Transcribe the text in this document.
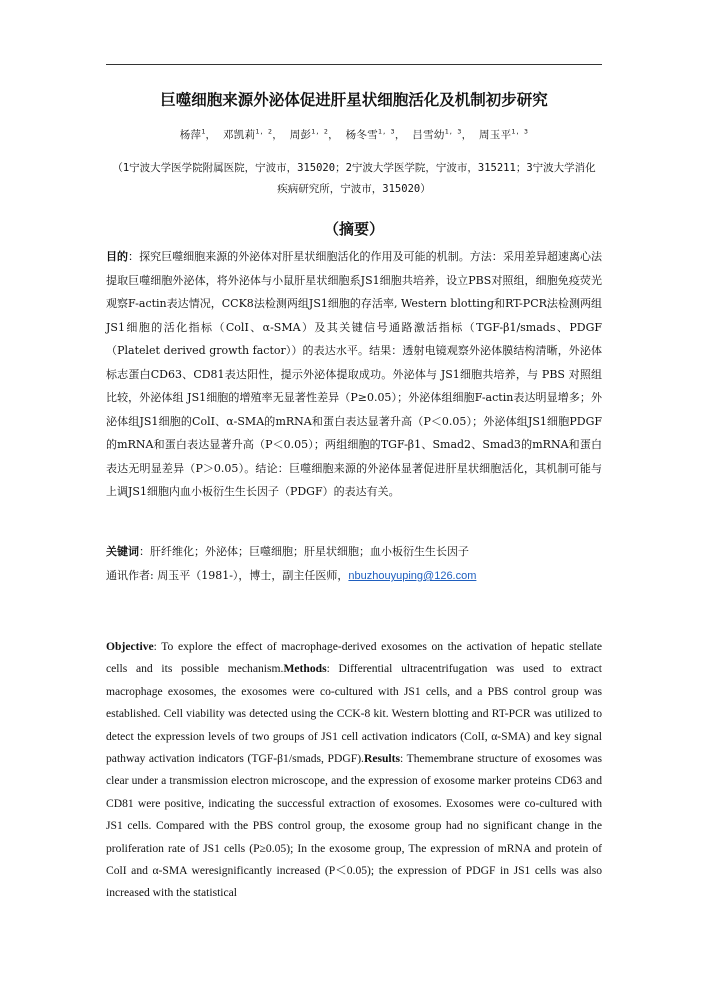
巨噬细胞来源外泌体促进肝星状细胞活化及机制初步研究
杨萍$^1$， 邓凯莉$^{1, 2}$， 周彭$^{1, 2}$， 杨冬雪$^{1, 3}$， 吕雪幼$^{1, 3}$， 周玉平$^{1, 3}$
（1宁波大学医学院附属医院，宁波市，315020；2宁波大学医学院，宁波市，315211；3宁波大学消化疾病研究所，宁波市，315020）
（摘要）

目的：探究巨噬细胞来源的外泌体对肝星状细胞活化的作用及可能的机制。方法：采用差异超速离心法提取巨噬细胞外泌体，将外泌体与小鼠肝星状细胞系JS1细胞共培养，设立PBS对照组，细胞免疫荧光观察F-actin表达情况，CCK8法检测两组JS1细胞的存活率, Western blotting和RT-PCR法检测两组JS1细胞的活化指标（ColI、α-SMA）及其关键信号通路激活指标（TGF-β1/smads、PDGF（Platelet derived growth factor））的表达水平。结果：透射电镜观察外泌体膜结构清晰，外泌体标志蛋白CD63、CD81表达阳性，提示外泌体提取成功。外泌体与 JS1细胞共培养，与 PBS 对照组比较，外泌体组 JS1细胞的增殖率无显著性差异（P≥0.05）；外泌体组细胞F-actin表达明显增多；外泌体组JS1细胞的ColI、α-SMA的mRNA和蛋白表达显著升高（P＜0.05）；外泌体组JS1细胞PDGF的mRNA和蛋白表达显著升高（P＜0.05）；两组细胞的TGF-β1、Smad2、Smad3的mRNA和蛋白表达无明显差异（P＞0.05）。结论：巨噬细胞来源的外泌体显著促进肝星状细胞活化，其机制可能与上调JS1细胞内血小板衍生生长因子（PDGF）的表达有关。

关键词：肝纤维化；外泌体；巨噬细胞；肝星状细胞；血小板衍生生长因子
通讯作者: 周玉平（1981-），博士，副主任医师，nbuzhouyuping@126.com
Objective: To explore the effect of macrophage-derived exosomes on the activation of hepatic stellate cells and its possible mechanism.Methods: Differential ultracentrifugation was used to extract macrophage exosomes, the exosomes were co-cultured with JS1 cells, and a PBS control group was established. Cell viability was detected using the CCK-8 kit. Western blotting and RT-PCR was utilized to detect the expression levels of two groups of JS1 cell activation indicators (ColI, α-SMA) and key signal pathway activation indicators (TGF-β1/smads, PDGF).Results: Themembrane structure of exosomes was clear under a transmission electron microscope, and the expression of exosome marker proteins CD63 and CD81 were positive, indicating the successful extraction of exosomes. Exosomes were co-cultured with JS1 cells. Compared with the PBS control group, the exosome group had no significant change in the proliferation rate of JS1 cells (P≥0.05); In the exosome group, The expression of mRNA and protein of ColI and α-SMA weresignificantly increased (P＜0.05); the expression of PDGF in JS1 cells was also increased with the statistical
